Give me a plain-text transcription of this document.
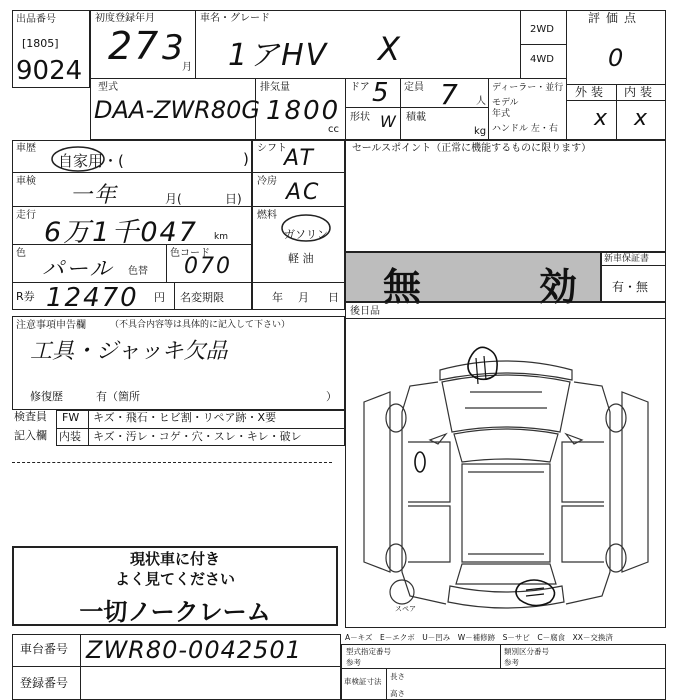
出品番号
[1805]
9024
初度登録年月
27 3
月
車名・グレード
1アHV X
2WD
4WD
型式
DAA-ZWR80G
排気量
1800
cc
ドア 5
形状 W
定員 7 人
積載
kg
ディーラー・並行
モデル年式
ハンドル 左・右
評価点
0
外装 内装
x x
車歴
自家用・(	)
車検
一年	月(	日)
走行
6万1千047 km
色
パール 色替
色コード
070
R券 12470 円
シフト
AT
冷房 AC
燃料
ガソリン
軽 油
名変期限	年 月 日
セールスポイント（正常に機能するものに限ります）
無　効
新車保証書
有・無
後日品
注意事項申告欄	（不具合内容等は具体的に記入して下さい）
工具・ジャッキ欠品
修復歴	有（箇所	）
検査員
記入欄
FW キズ・飛石・ヒビ割・リペア跡・X要
内装 キズ・汚レ・コゲ・穴・スレ・キレ・破レ
現状車に付き
よく見てください
一切ノークレーム	スペア
A－キズ　E－エクボ　U－凹み　W－補修跡　S－サビ　C－腐食　XX－交換済
車台番号 ZWR80-0042501
登録番号
型式指定番号
参考
類別区分番号
参考
車検証寸法
長さ
高さ
